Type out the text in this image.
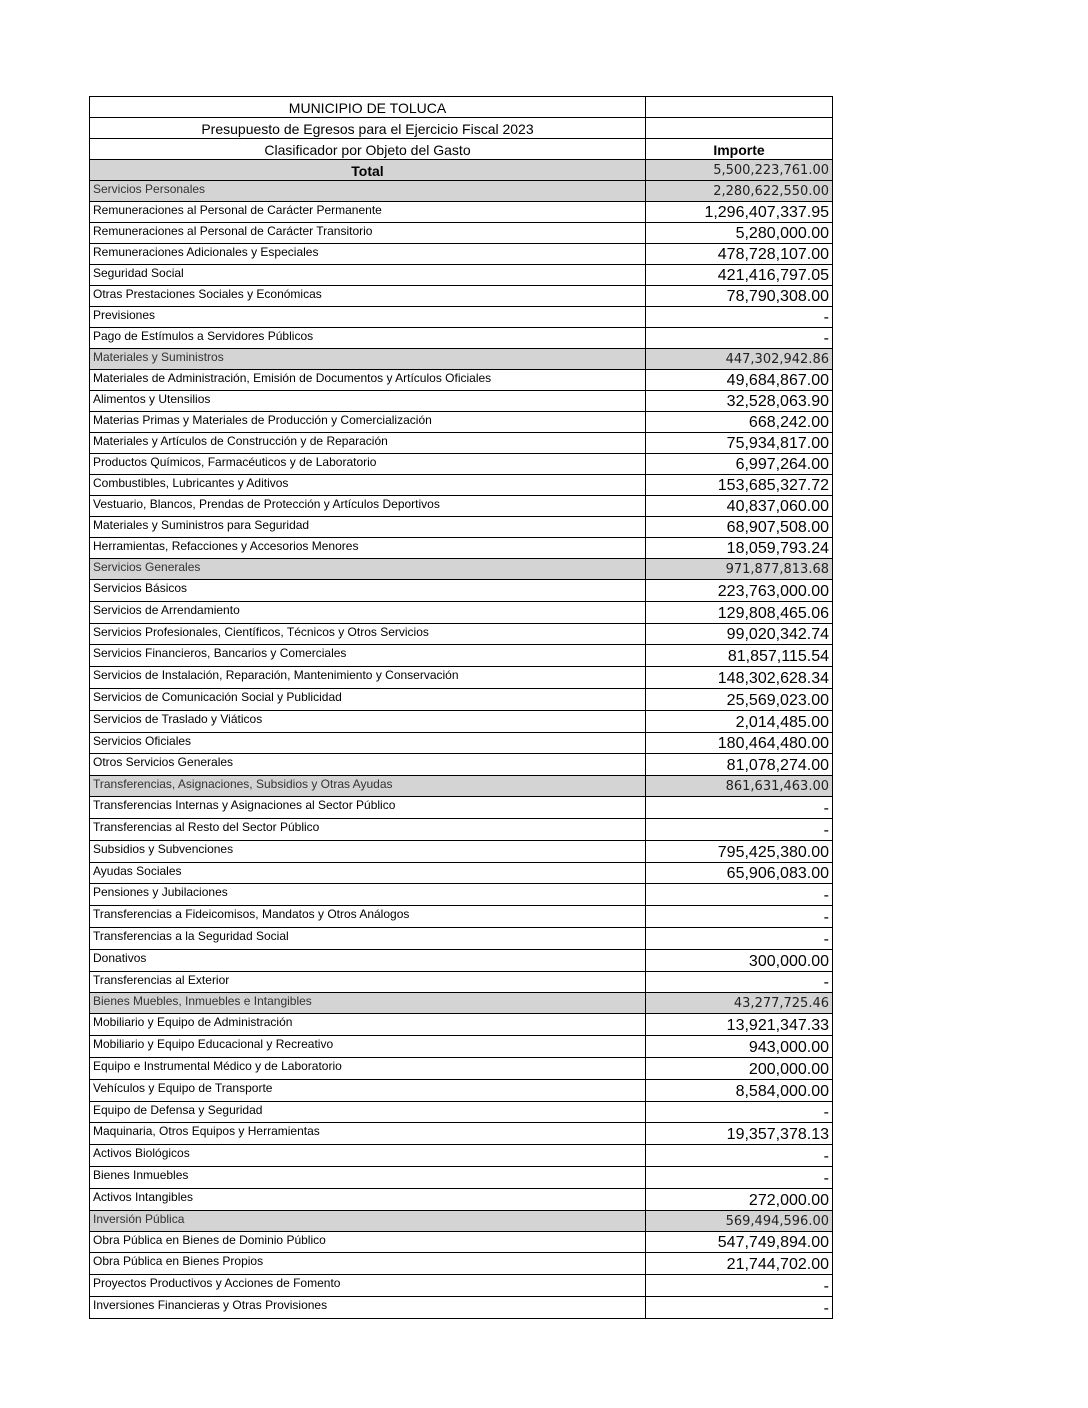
MUNICIPIO DE TOLUCA	
Presupuesto de Egresos para el Ejercicio Fiscal 2023	
Clasificador por Objeto del Gasto	Importe
Total	5,500,223,761.00
Servicios Personales	2,280,622,550.00
Remuneraciones al Personal de Carácter Permanente	1,296,407,337.95
Remuneraciones al Personal de Carácter Transitorio	5,280,000.00
Remuneraciones Adicionales y Especiales	478,728,107.00
Seguridad Social	421,416,797.05
Otras Prestaciones Sociales y Económicas	78,790,308.00
Previsiones	-
Pago de Estímulos a Servidores Públicos	-
Materiales y Suministros	447,302,942.86
Materiales de Administración, Emisión de Documentos y Artículos Oficiales	49,684,867.00
Alimentos y Utensilios	32,528,063.90
Materias Primas y Materiales de Producción y Comercialización	668,242.00
Materiales y Artículos de Construcción y de Reparación	75,934,817.00
Productos Químicos, Farmacéuticos y de Laboratorio	6,997,264.00
Combustibles, Lubricantes y Aditivos	153,685,327.72
Vestuario, Blancos, Prendas de Protección y Artículos Deportivos	40,837,060.00
Materiales y Suministros para Seguridad	68,907,508.00
Herramientas, Refacciones y Accesorios Menores	18,059,793.24
Servicios Generales	971,877,813.68
Servicios Básicos	223,763,000.00
Servicios de Arrendamiento	129,808,465.06
Servicios Profesionales, Científicos, Técnicos y Otros Servicios	99,020,342.74
Servicios Financieros, Bancarios y Comerciales	81,857,115.54
Servicios de Instalación, Reparación, Mantenimiento y Conservación	148,302,628.34
Servicios de Comunicación Social y Publicidad	25,569,023.00
Servicios de Traslado y Viáticos	2,014,485.00
Servicios Oficiales	180,464,480.00
Otros Servicios Generales	81,078,274.00
Transferencias, Asignaciones, Subsidios y Otras Ayudas	861,631,463.00
Transferencias Internas y Asignaciones al Sector Público	-
Transferencias al Resto del Sector Público	-
Subsidios y Subvenciones	795,425,380.00
Ayudas Sociales	65,906,083.00
Pensiones y Jubilaciones	-
Transferencias a Fideicomisos, Mandatos y Otros Análogos	-
Transferencias a la Seguridad Social	-
Donativos	300,000.00
Transferencias al Exterior	-
Bienes Muebles, Inmuebles e Intangibles	43,277,725.46
Mobiliario y Equipo de Administración	13,921,347.33
Mobiliario y Equipo Educacional y Recreativo	943,000.00
Equipo e Instrumental Médico y de Laboratorio	200,000.00
Vehículos y Equipo de Transporte	8,584,000.00
Equipo de Defensa y Seguridad	-
Maquinaria, Otros Equipos y Herramientas	19,357,378.13
Activos Biológicos	-
Bienes Inmuebles	-
Activos Intangibles	272,000.00
Inversión Pública	569,494,596.00
Obra Pública en Bienes de Dominio Público	547,749,894.00
Obra Pública en Bienes Propios	21,744,702.00
Proyectos Productivos y Acciones de Fomento	-
Inversiones Financieras y Otras Provisiones	-
